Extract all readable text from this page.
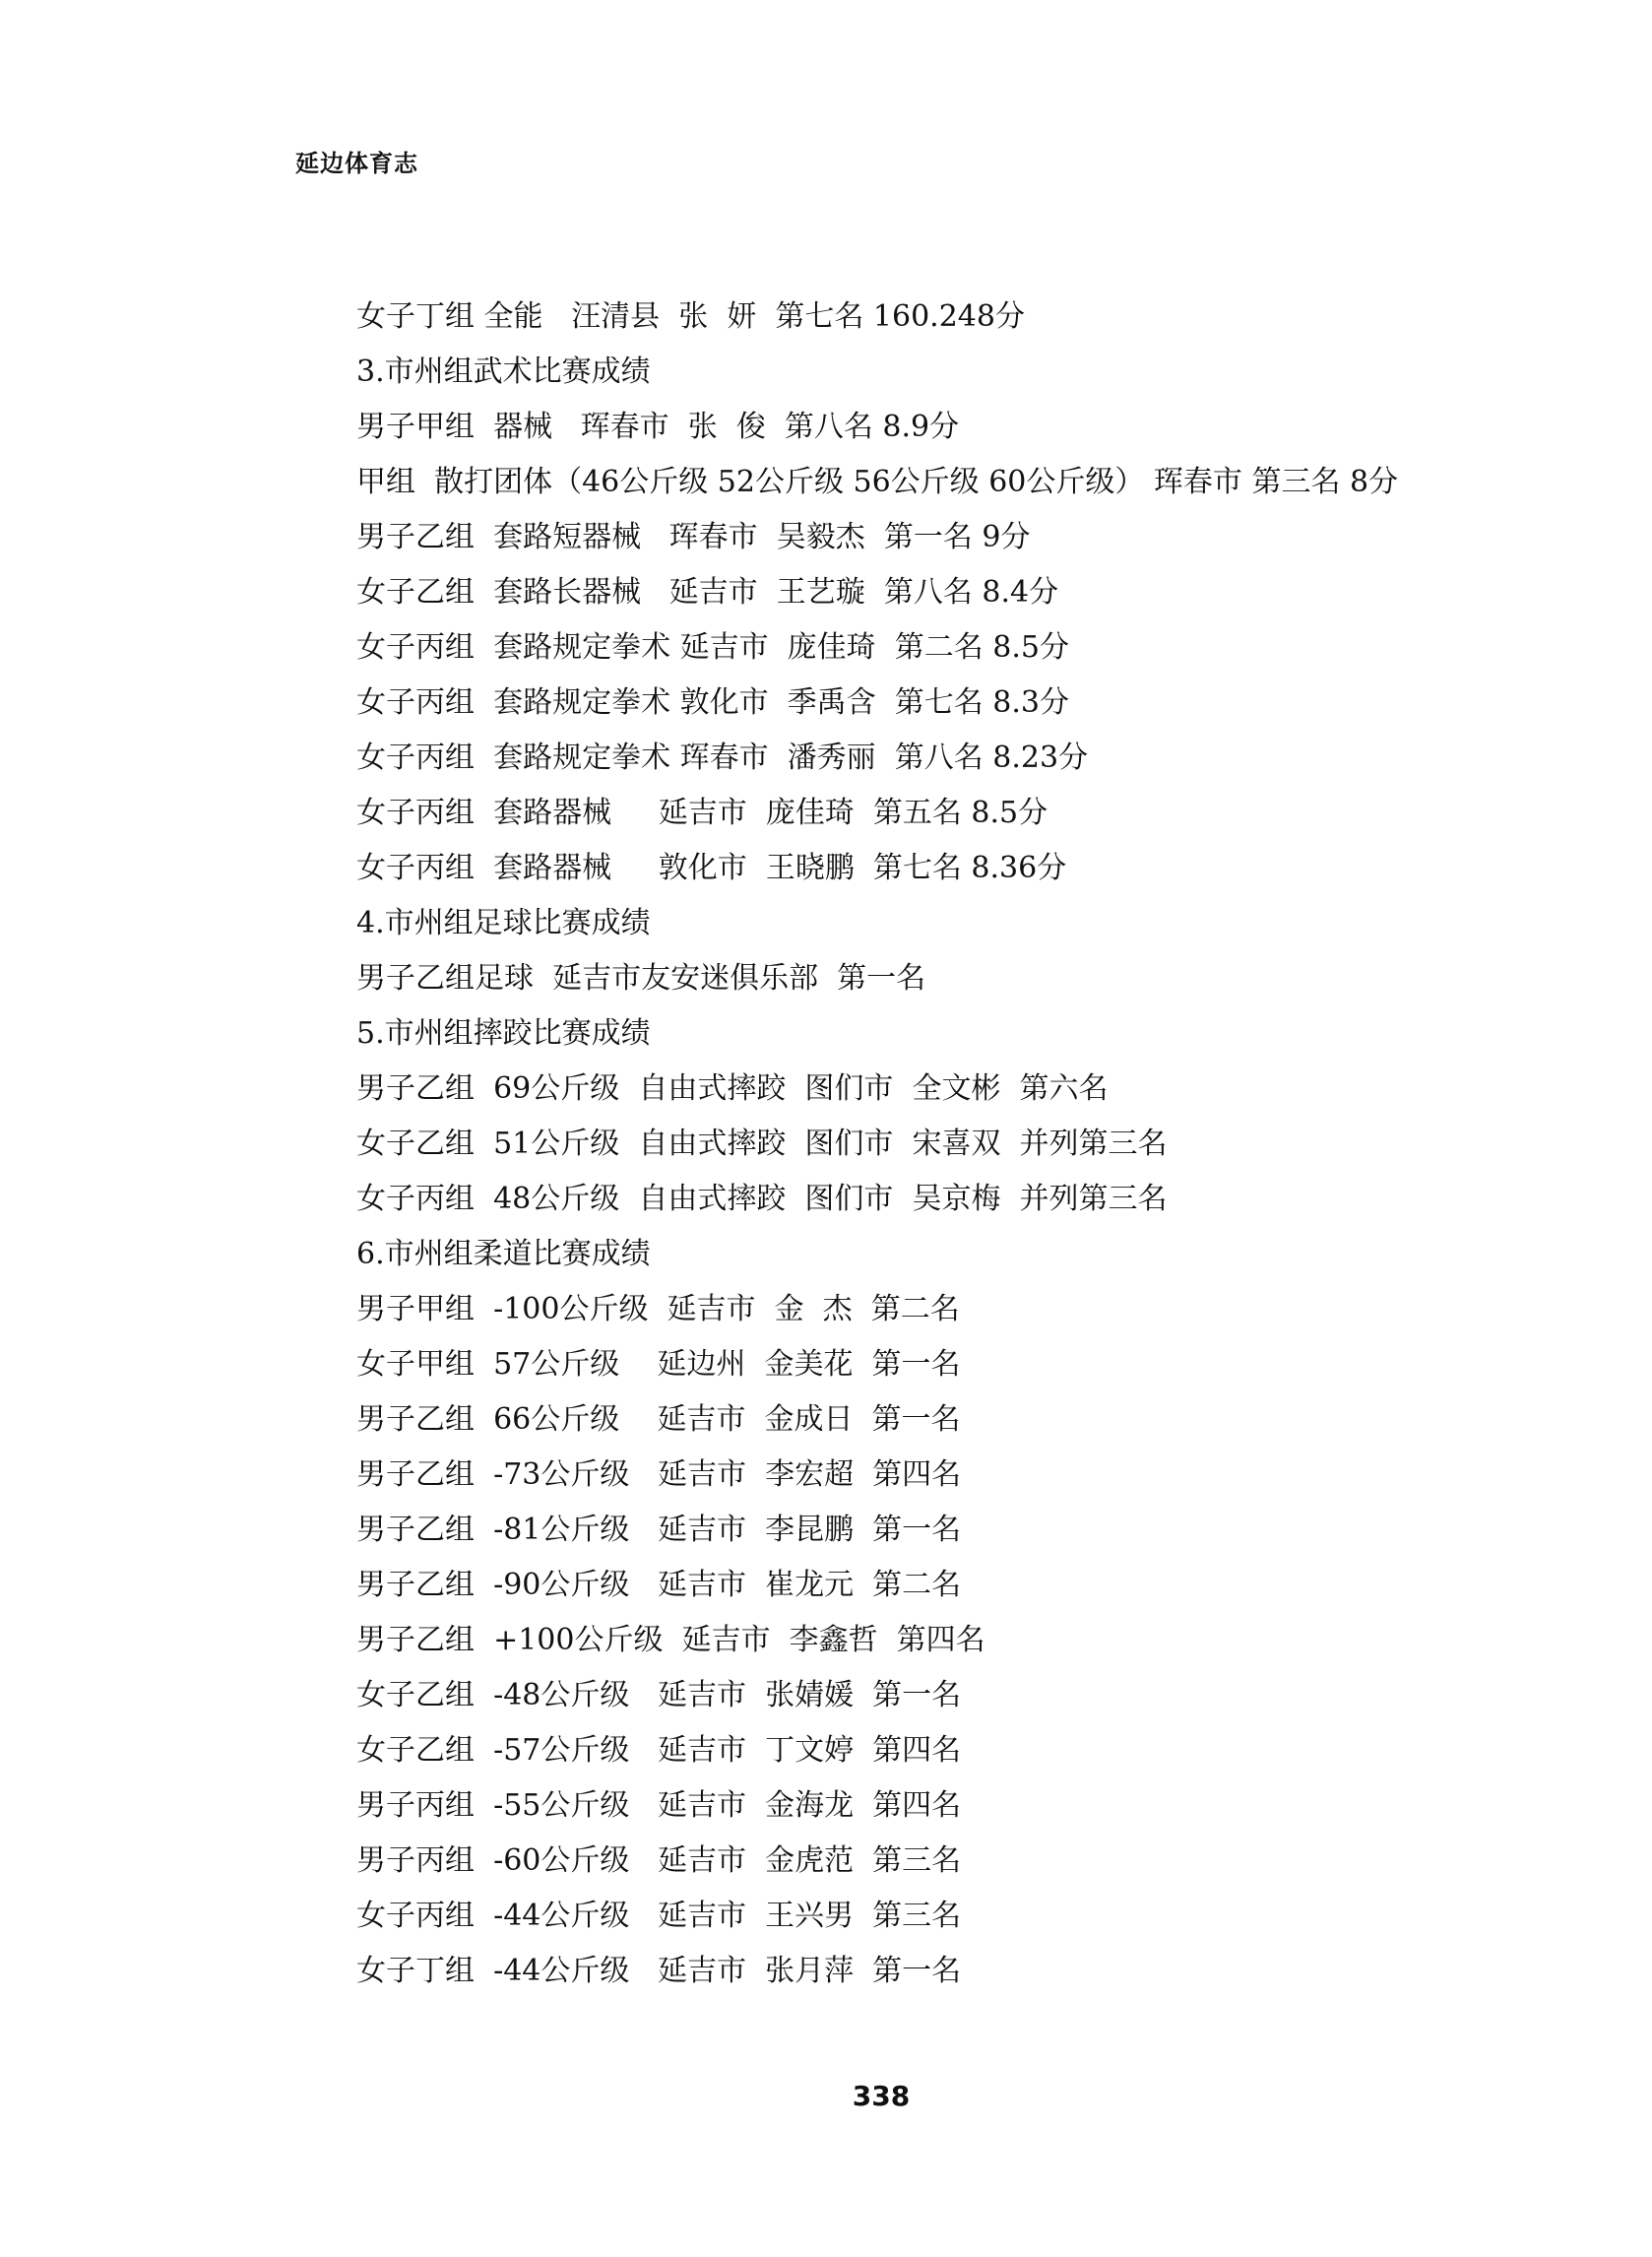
延边体育志
女子丁组 全能   汪清县  张  妍  第七名 160.248分
3.市州组武术比赛成绩
男子甲组  器械   珲春市  张  俊  第八名 8.9分
甲组  散打团体（46公斤级 52公斤级 56公斤级 60公斤级） 珲春市 第三名 8分
男子乙组  套路短器械   珲春市  吴毅杰  第一名 9分
女子乙组  套路长器械   延吉市  王艺璇  第八名 8.4分
女子丙组  套路规定拳术 延吉市  庞佳琦  第二名 8.5分
女子丙组  套路规定拳术 敦化市  季禹含  第七名 8.3分
女子丙组  套路规定拳术 珲春市  潘秀丽  第八名 8.23分
女子丙组  套路器械     延吉市  庞佳琦  第五名 8.5分
女子丙组  套路器械     敦化市  王晓鹏  第七名 8.36分
4.市州组足球比赛成绩
男子乙组足球  延吉市友安迷俱乐部  第一名
5.市州组摔跤比赛成绩
男子乙组  69公斤级  自由式摔跤  图们市  全文彬  第六名
女子乙组  51公斤级  自由式摔跤  图们市  宋喜双  并列第三名
女子丙组  48公斤级  自由式摔跤  图们市  吴京梅  并列第三名
6.市州组柔道比赛成绩
男子甲组  -100公斤级  延吉市  金  杰  第二名
女子甲组  57公斤级    延边州  金美花  第一名
男子乙组  66公斤级    延吉市  金成日  第一名
男子乙组  -73公斤级   延吉市  李宏超  第四名
男子乙组  -81公斤级   延吉市  李昆鹏  第一名
男子乙组  -90公斤级   延吉市  崔龙元  第二名
男子乙组  +100公斤级  延吉市  李鑫哲  第四名
女子乙组  -48公斤级   延吉市  张婧媛  第一名
女子乙组  -57公斤级   延吉市  丁文婷  第四名
男子丙组  -55公斤级   延吉市  金海龙  第四名
男子丙组  -60公斤级   延吉市  金虎范  第三名
女子丙组  -44公斤级   延吉市  王兴男  第三名
女子丁组  -44公斤级   延吉市  张月萍  第一名
338
